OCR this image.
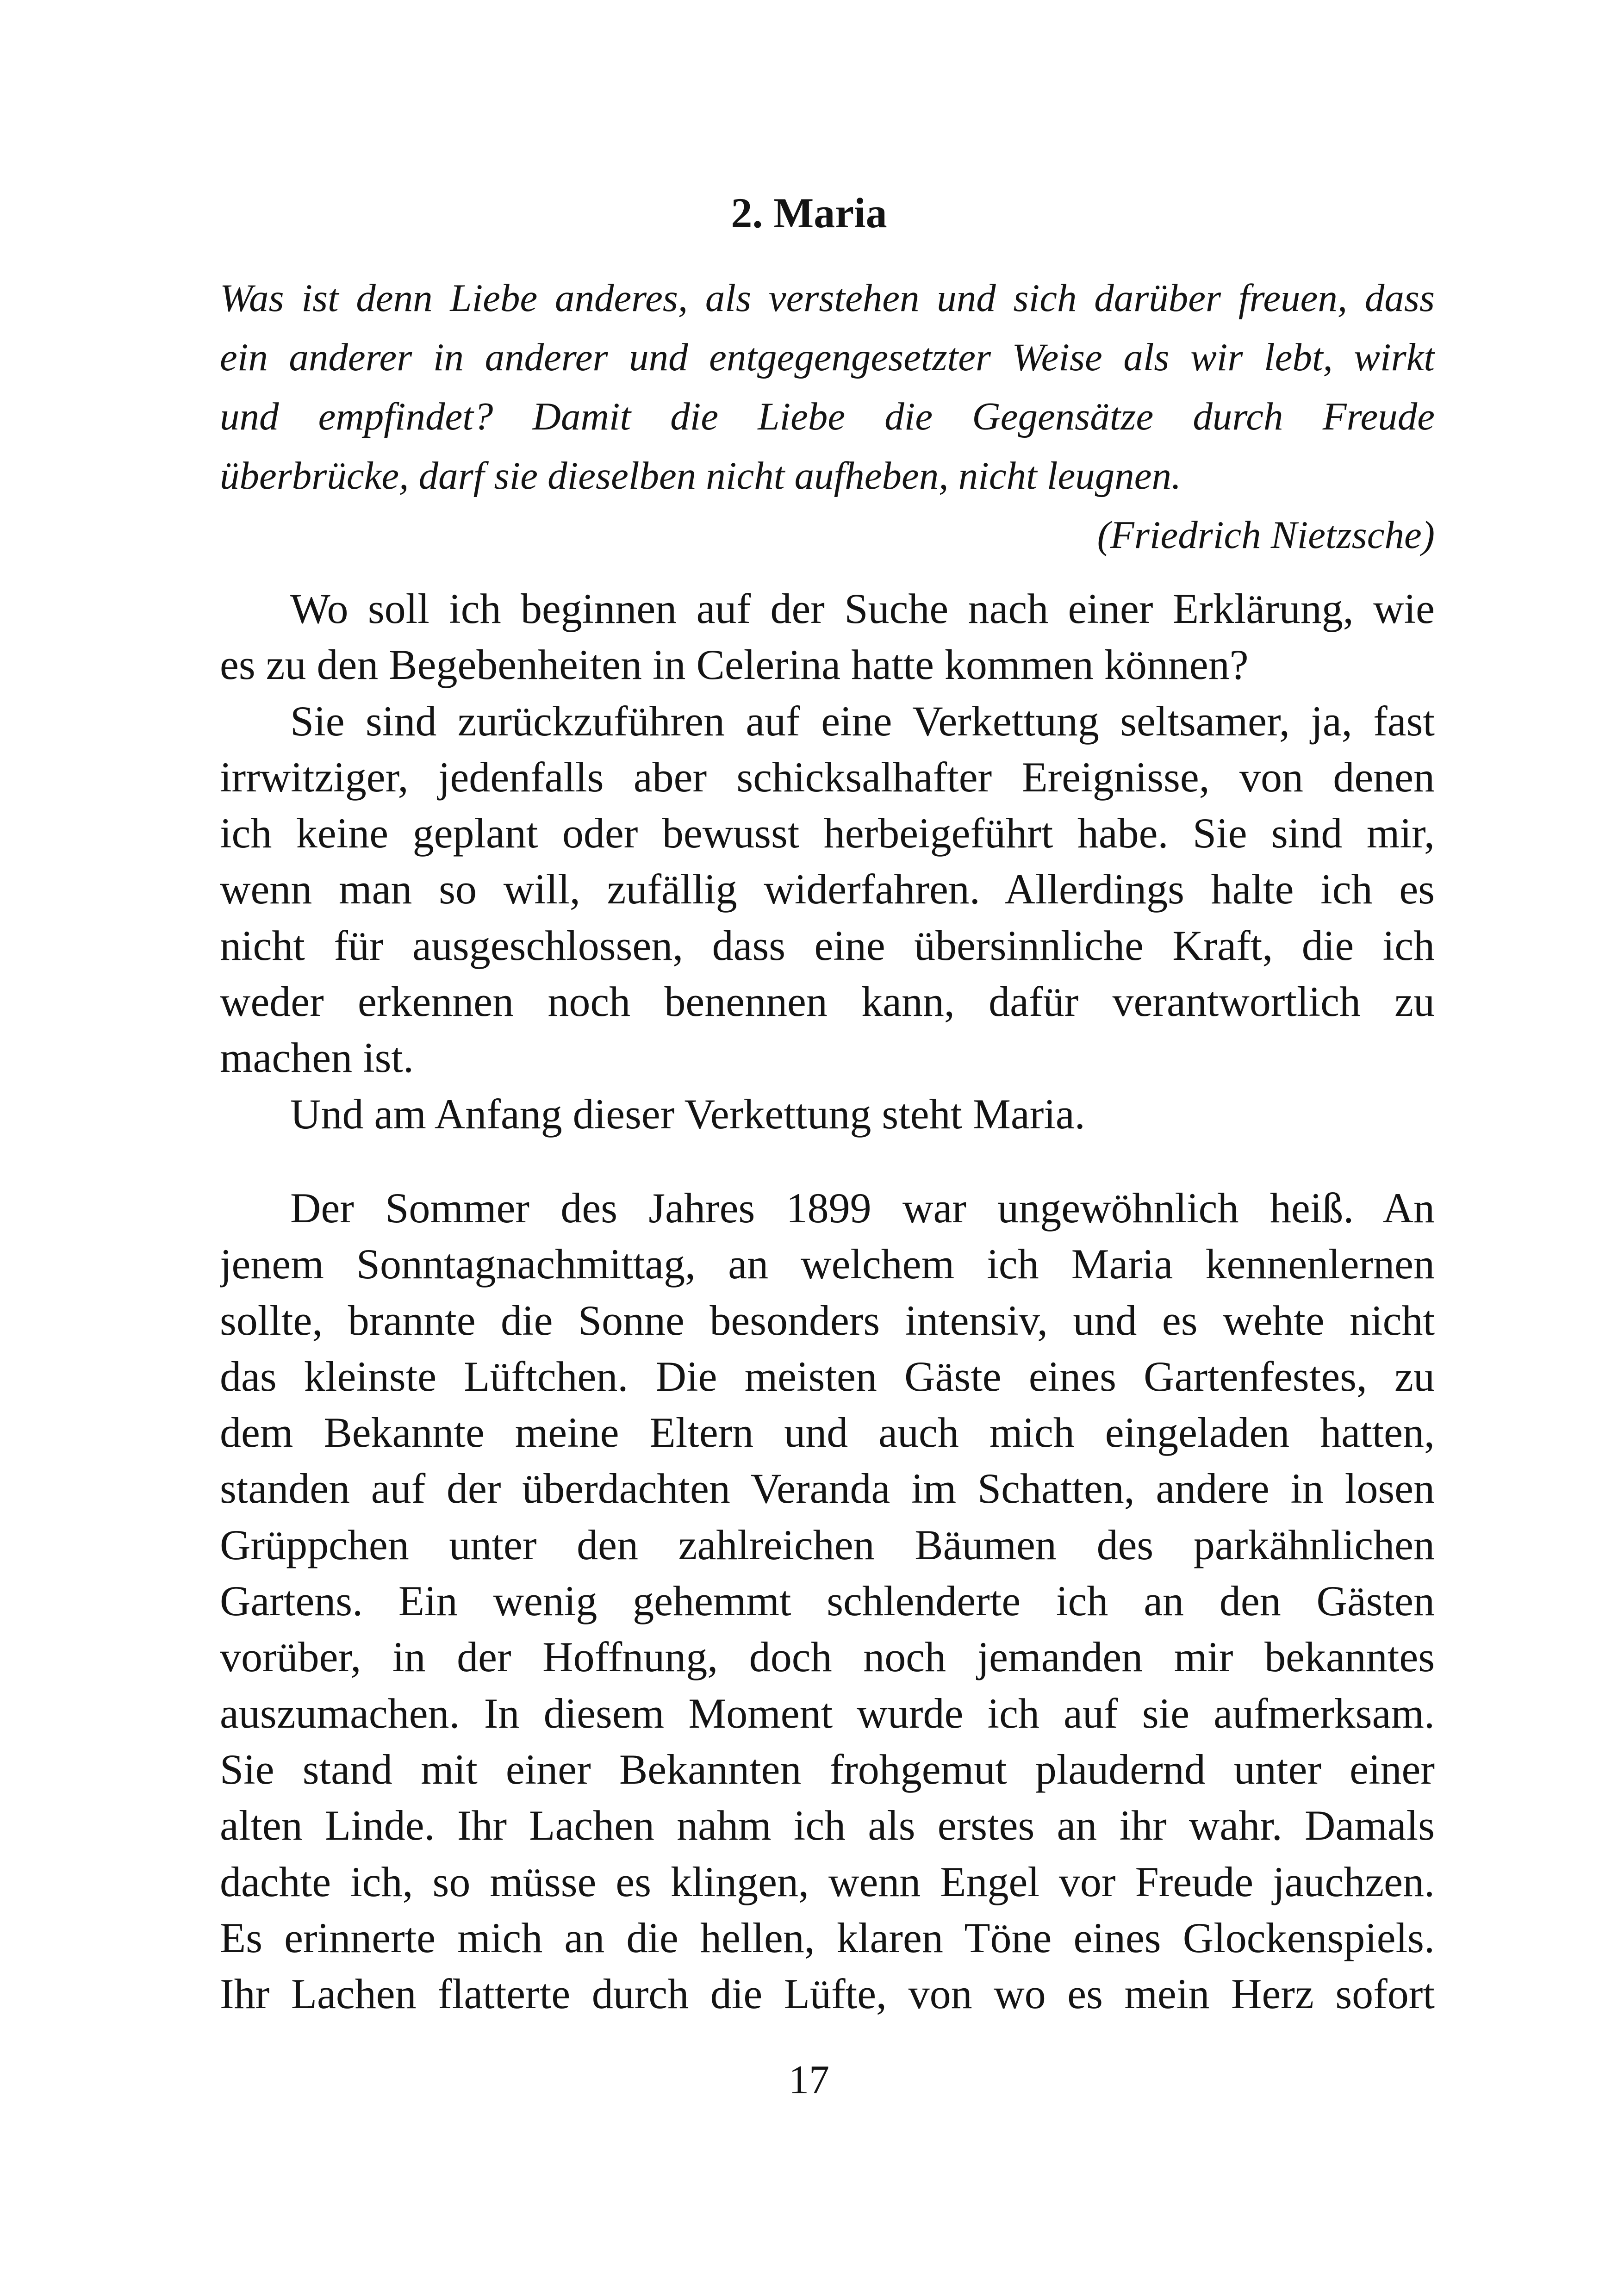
2. Maria
Was ist denn Liebe anderes, als verstehen und sich darüber freuen, dass
ein anderer in anderer und entgegengesetzter Weise als wir lebt, wirkt
und empfindet? Damit die Liebe die Gegensätze durch Freude
überbrücke, darf sie dieselben nicht aufheben, nicht leugnen.
(Friedrich Nietzsche)
Wo soll ich beginnen auf der Suche nach einer Erklärung, wie
es zu den Begebenheiten in Celerina hatte kommen können?
Sie sind zurückzuführen auf eine Verkettung seltsamer, ja, fast
irrwitziger, jedenfalls aber schicksalhafter Ereignisse, von denen
ich keine geplant oder bewusst herbeigeführt habe. Sie sind mir,
wenn man so will, zufällig widerfahren. Allerdings halte ich es
nicht für ausgeschlossen, dass eine übersinnliche Kraft, die ich
weder erkennen noch benennen kann, dafür verantwortlich zu
machen ist.
Und am Anfang dieser Verkettung steht Maria.
Der Sommer des Jahres 1899 war ungewöhnlich heiß. An
jenem Sonntagnachmittag, an welchem ich Maria kennenlernen
sollte, brannte die Sonne besonders intensiv, und es wehte nicht
das kleinste Lüftchen. Die meisten Gäste eines Gartenfestes, zu
dem Bekannte meine Eltern und auch mich eingeladen hatten,
standen auf der überdachten Veranda im Schatten, andere in losen
Grüppchen unter den zahlreichen Bäumen des parkähnlichen
Gartens. Ein wenig gehemmt schlenderte ich an den Gästen
vorüber, in der Hoffnung, doch noch jemanden mir bekanntes
auszumachen. In diesem Moment wurde ich auf sie aufmerksam.
Sie stand mit einer Bekannten frohgemut plaudernd unter einer
alten Linde. Ihr Lachen nahm ich als erstes an ihr wahr. Damals
dachte ich, so müsse es klingen, wenn Engel vor Freude jauchzen.
Es erinnerte mich an die hellen, klaren Töne eines Glockenspiels.
Ihr Lachen flatterte durch die Lüfte, von wo es mein Herz sofort
17
